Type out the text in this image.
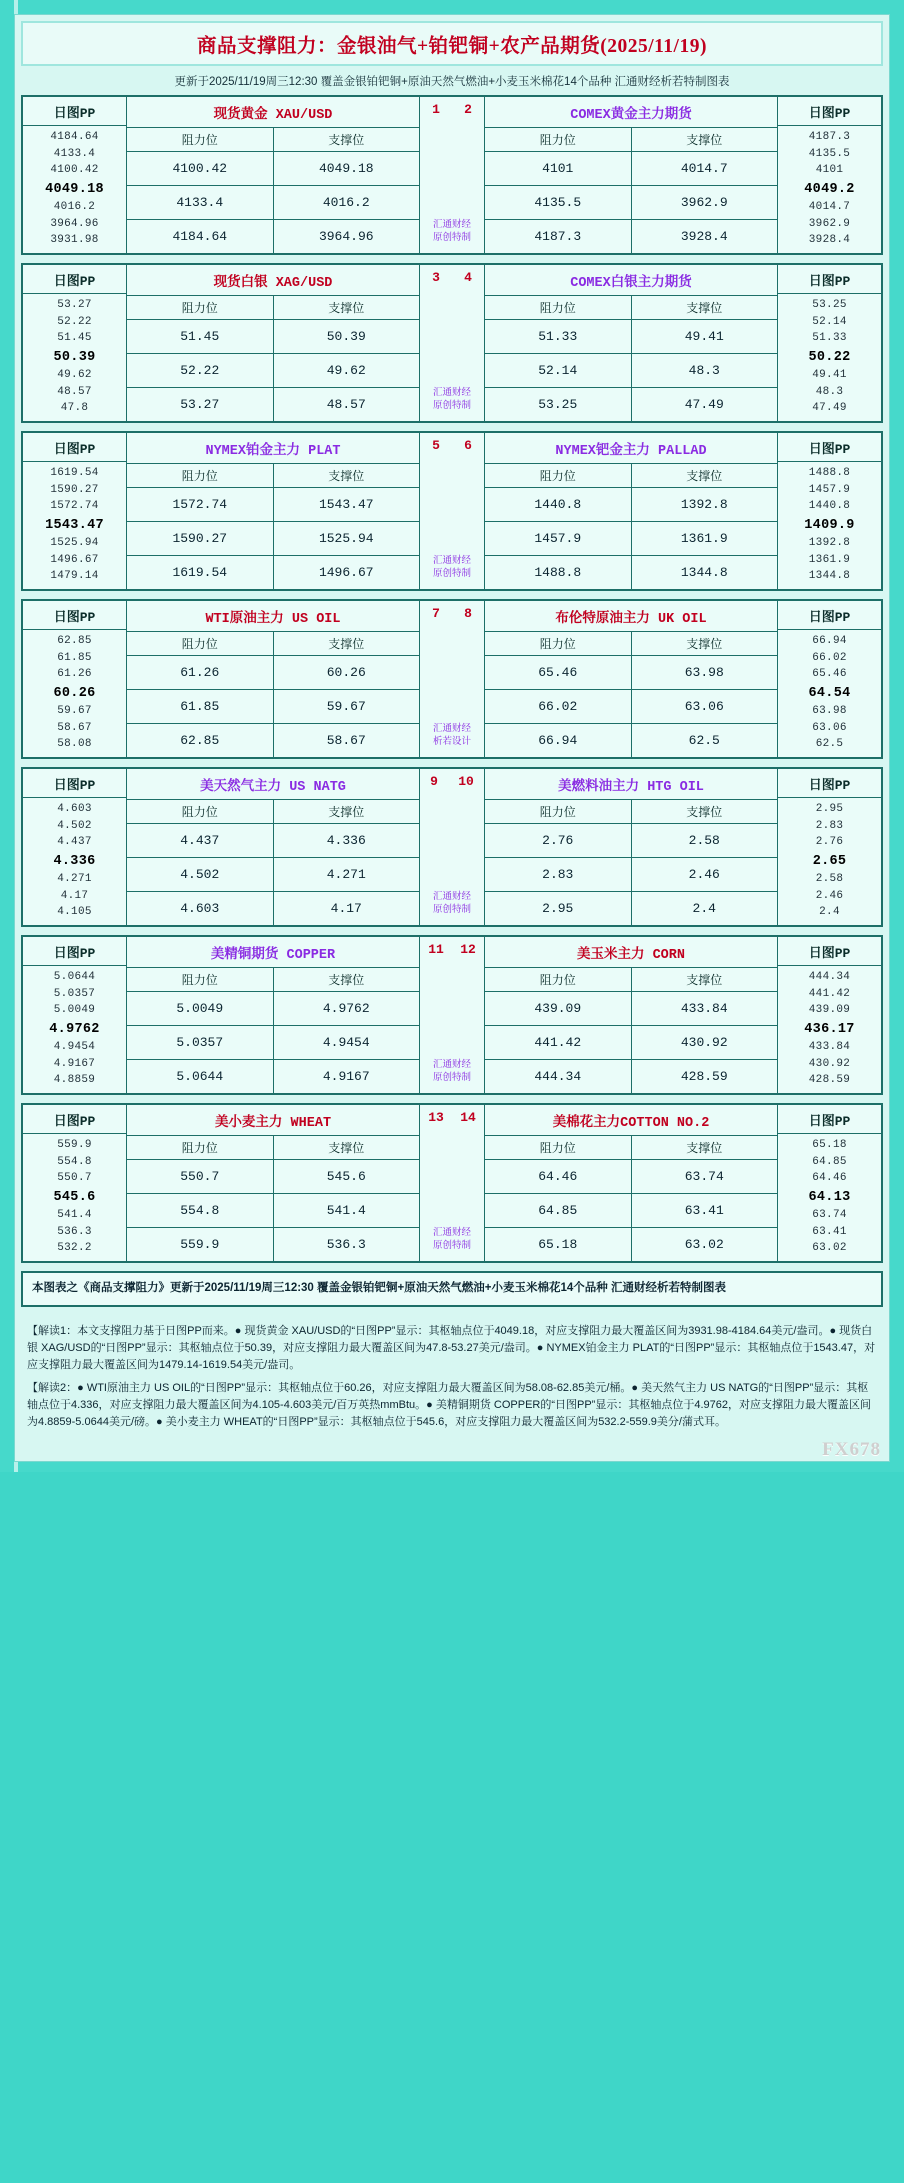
商品支撑阻力：金银油气+铂钯铜+农产品期货(2025/11/19)
更新于2025/11/19周三12:30 覆盖金银铂钯铜+原油天然气燃油+小麦玉米棉花14个品种 汇通财经析若特制图表
日图PP
4184.64
4133.4
4100.42
4049.18
4016.2
3964.96
3931.98
现货黄金 XAU/USD
阻力位	支撑位
4100.42	4049.18
4133.4	4016.2
4184.64	3964.96
1 2
汇通财经
原创特制
COMEX黄金主力期货
阻力位	支撑位
4101	4014.7
4135.5	3962.9
4187.3	3928.4
日图PP
4187.3
4135.5
4101
4049.2
4014.7
3962.9
3928.4
日图PP
53.27
52.22
51.45
50.39
49.62
48.57
47.8
现货白银 XAG/USD
阻力位	支撑位
51.45	50.39
52.22	49.62
53.27	48.57
3 4
汇通财经
原创特制
COMEX白银主力期货
阻力位	支撑位
51.33	49.41
52.14	48.3
53.25	47.49
日图PP
53.25
52.14
51.33
50.22
49.41
48.3
47.49
日图PP
1619.54
1590.27
1572.74
1543.47
1525.94
1496.67
1479.14
NYMEX铂金主力 PLAT
阻力位	支撑位
1572.74	1543.47
1590.27	1525.94
1619.54	1496.67
5 6
汇通财经
原创特制
NYMEX钯金主力 PALLAD
阻力位	支撑位
1440.8	1392.8
1457.9	1361.9
1488.8	1344.8
日图PP
1488.8
1457.9
1440.8
1409.9
1392.8
1361.9
1344.8
日图PP
62.85
61.85
61.26
60.26
59.67
58.67
58.08
WTI原油主力 US OIL
阻力位	支撑位
61.26	60.26
61.85	59.67
62.85	58.67
7 8
汇通财经
析若设计
布伦特原油主力 UK OIL
阻力位	支撑位
65.46	63.98
66.02	63.06
66.94	62.5
日图PP
66.94
66.02
65.46
64.54
63.98
63.06
62.5
日图PP
4.603
4.502
4.437
4.336
4.271
4.17
4.105
美天然气主力 US NATG
阻力位	支撑位
4.437	4.336
4.502	4.271
4.603	4.17
9 10
汇通财经
原创特制
美燃料油主力 HTG OIL
阻力位	支撑位
2.76	2.58
2.83	2.46
2.95	2.4
日图PP
2.95
2.83
2.76
2.65
2.58
2.46
2.4
日图PP
5.0644
5.0357
5.0049
4.9762
4.9454
4.9167
4.8859
美精铜期货 COPPER
阻力位	支撑位
5.0049	4.9762
5.0357	4.9454
5.0644	4.9167
11 12
汇通财经
原创特制
美玉米主力 CORN
阻力位	支撑位
439.09	433.84
441.42	430.92
444.34	428.59
日图PP
444.34
441.42
439.09
436.17
433.84
430.92
428.59
日图PP
559.9
554.8
550.7
545.6
541.4
536.3
532.2
美小麦主力 WHEAT
阻力位	支撑位
550.7	545.6
554.8	541.4
559.9	536.3
13 14
汇通财经
原创特制
美棉花主力COTTON NO.2
阻力位	支撑位
64.46	63.74
64.85	63.41
65.18	63.02
日图PP
65.18
64.85
64.46
64.13
63.74
63.41
63.02
本图表之《商品支撑阻力》更新于2025/11/19周三12:30 覆盖金银铂钯铜+原油天然气燃油+小麦玉米棉花14个品种 汇通财经析若特制图表

【解读1：本文支撑阻力基于日图PP而来。● 现货黄金 XAU/USD的“日图PP”显示：其枢轴点位于4049.18，对应支撑阻力最大覆盖区间为3931.98-4184.64美元/盎司。● 现货白银 XAG/USD的“日图PP”显示：其枢轴点位于50.39，对应支撑阻力最大覆盖区间为47.8-53.27美元/盎司。● NYMEX铂金主力 PLAT的“日图PP”显示：其枢轴点位于1543.47，对应支撑阻力最大覆盖区间为1479.14-1619.54美元/盎司。

【解读2：● WTI原油主力 US OIL的“日图PP”显示：其枢轴点位于60.26，对应支撑阻力最大覆盖区间为58.08-62.85美元/桶。● 美天然气主力 US NATG的“日图PP”显示：其枢轴点位于4.336，对应支撑阻力最大覆盖区间为4.105-4.603美元/百万英热mmBtu。● 美精铜期货 COPPER的“日图PP”显示：其枢轴点位于4.9762，对应支撑阻力最大覆盖区间为4.8859-5.0644美元/磅。● 美小麦主力 WHEAT的“日图PP”显示：其枢轴点位于545.6，对应支撑阻力最大覆盖区间为532.2-559.9美分/蒲式耳。

FX678
